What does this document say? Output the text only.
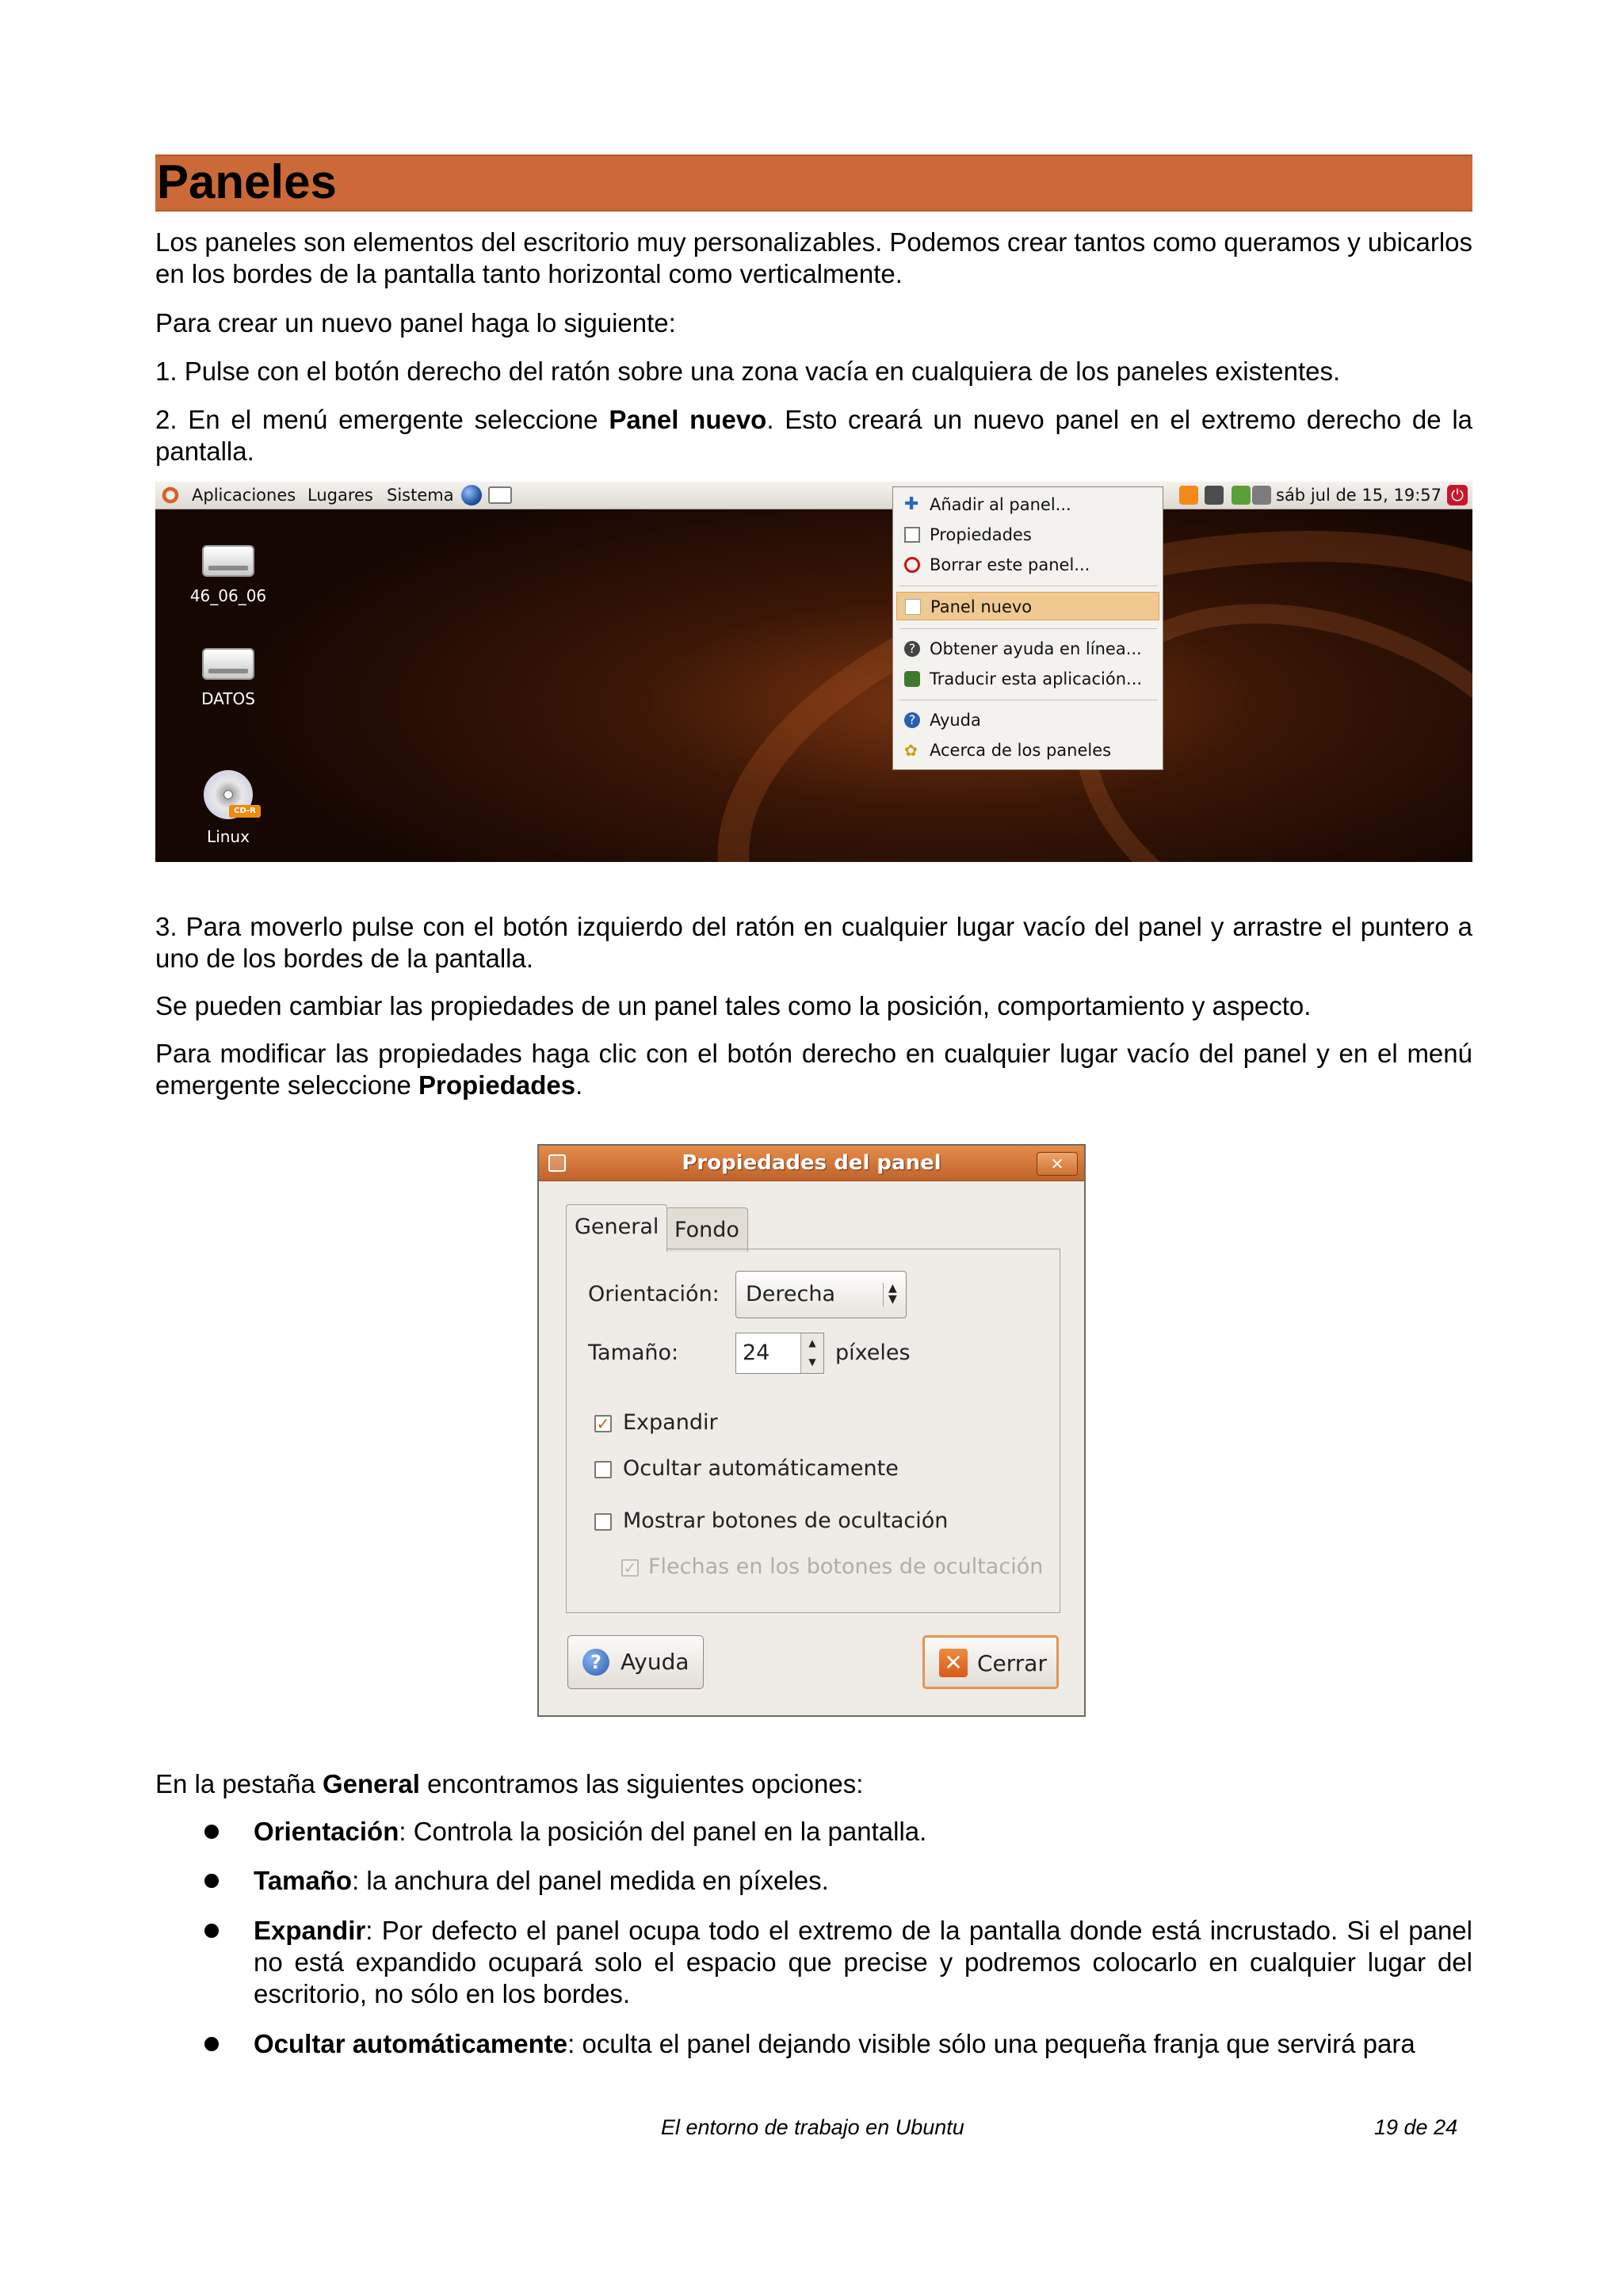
Paneles

Los paneles son elementos del escritorio muy personalizables. Podemos crear tantos como queramos y ubicarlos en los bordes de la pantalla tanto horizontal como verticalmente.

Para crear un nuevo panel haga lo siguiente:

1. Pulse con el botón derecho del ratón sobre una zona vacía en cualquiera de los paneles existentes.

2. En el menú emergente seleccione Panel nuevo. Esto creará un nuevo panel en el extremo derecho de la pantalla.

Aplicaciones Lugares Sistema	sáb jul de 15, 19:57 ⏻
46_06_06
DATOS
CD-R
Linux
✚ Añadir al panel...
Propiedades
Borrar este panel...
Panel nuevo
? Obtener ayuda en línea...
Traducir esta aplicación...
? Ayuda
✿ Acerca de los paneles

3. Para moverlo pulse con el botón izquierdo del ratón en cualquier lugar vacío del panel y arrastre el puntero a uno de los bordes de la pantalla.

Se pueden cambiar las propiedades de un panel tales como la posición, comportamiento y aspecto.

Para modificar las propiedades haga clic con el botón derecho en cualquier lugar vacío del panel y en el menú emergente seleccione Propiedades.

Propiedades del panel	✕
General Fondo
Orientación:	Derecha	▲
▼
Tamaño:	24	▲
▼ píxeles
✓ Expandir
Ocultar automáticamente
Mostrar botones de ocultación
✓ Flechas en los botones de ocultación
? Ayuda	✕ Cerrar

En la pestaña General encontramos las siguientes opciones:

Orientación: Controla la posición del panel en la pantalla.

Tamaño: la anchura del panel medida en píxeles.

Expandir: Por defecto el panel ocupa todo el extremo de la pantalla donde está incrustado. Si el panel no está expandido ocupará solo el espacio que precise y podremos colocarlo en cualquier lugar del escritorio, no sólo en los bordes.

Ocultar automáticamente: oculta el panel dejando visible sólo una pequeña franja que servirá para

El entorno de trabajo en Ubuntu	19 de 24
